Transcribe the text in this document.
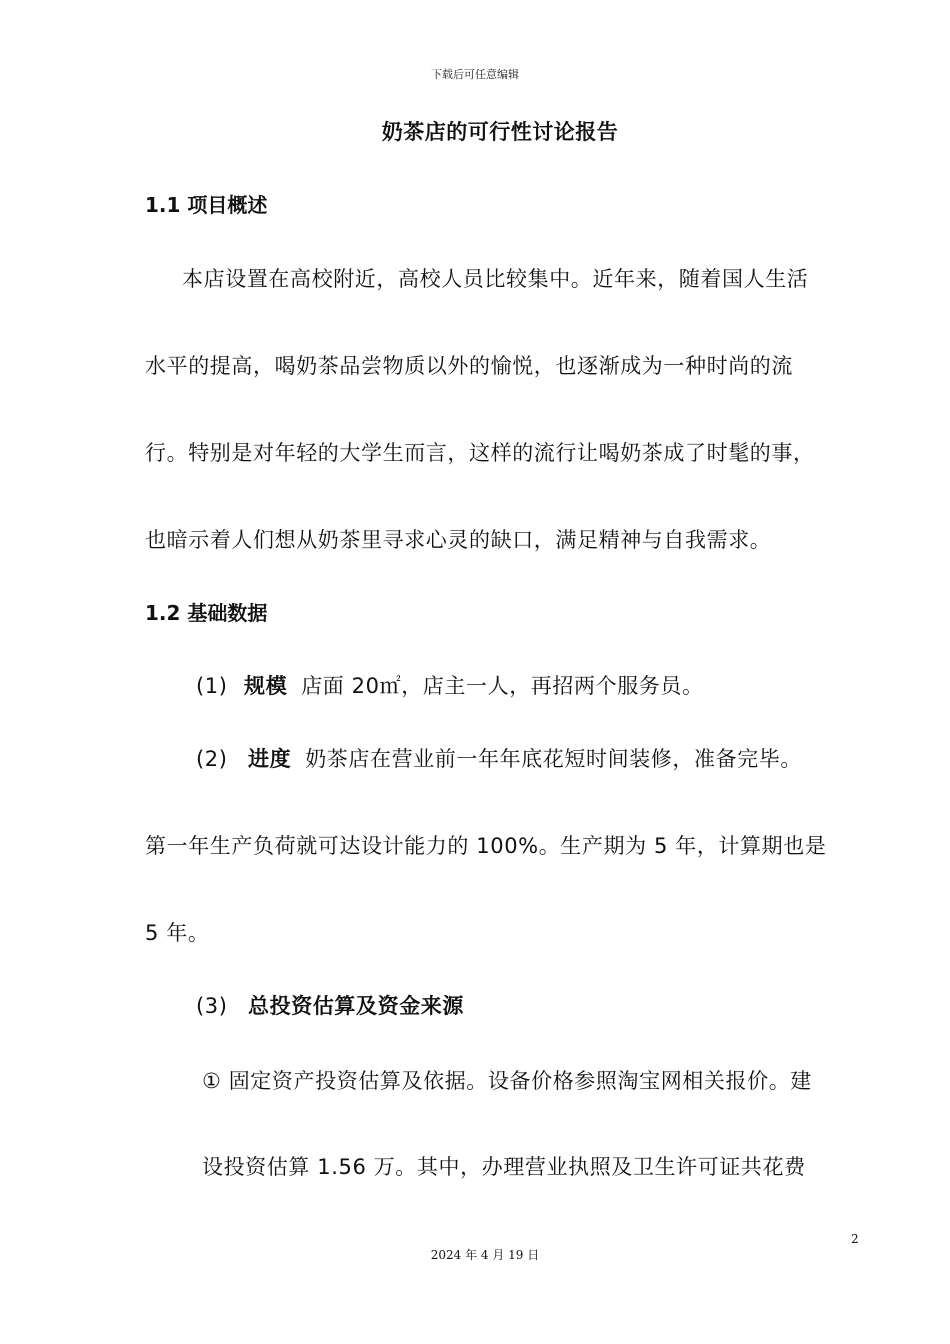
下载后可任意编辑
奶茶店的可行性讨论报告
1.1 项目概述
本店设置在高校附近，高校人员比较集中。近年来，随着国人生活
水平的提高，喝奶茶品尝物质以外的愉悦，也逐渐成为一种时尚的流
行。特别是对年轻的大学生而言，这样的流行让喝奶茶成了时髦的事，
也暗示着人们想从奶茶里寻求心灵的缺口，满足精神与自我需求。
1.2 基础数据
(1) 规模 店面 20㎡，店主一人，再招两个服务员。
(2) 进度 奶茶店在营业前一年年底花短时间装修，准备完毕。
第一年生产负荷就可达设计能力的 100%。生产期为 5 年，计算期也是
5 年。
(3) 总投资估算及资金来源
① 固定资产投资估算及依据。设备价格参照淘宝网相关报价。建
设投资估算 1.56 万。其中，办理营业执照及卫生许可证共花费
2
2024 年 4 月 19 日
